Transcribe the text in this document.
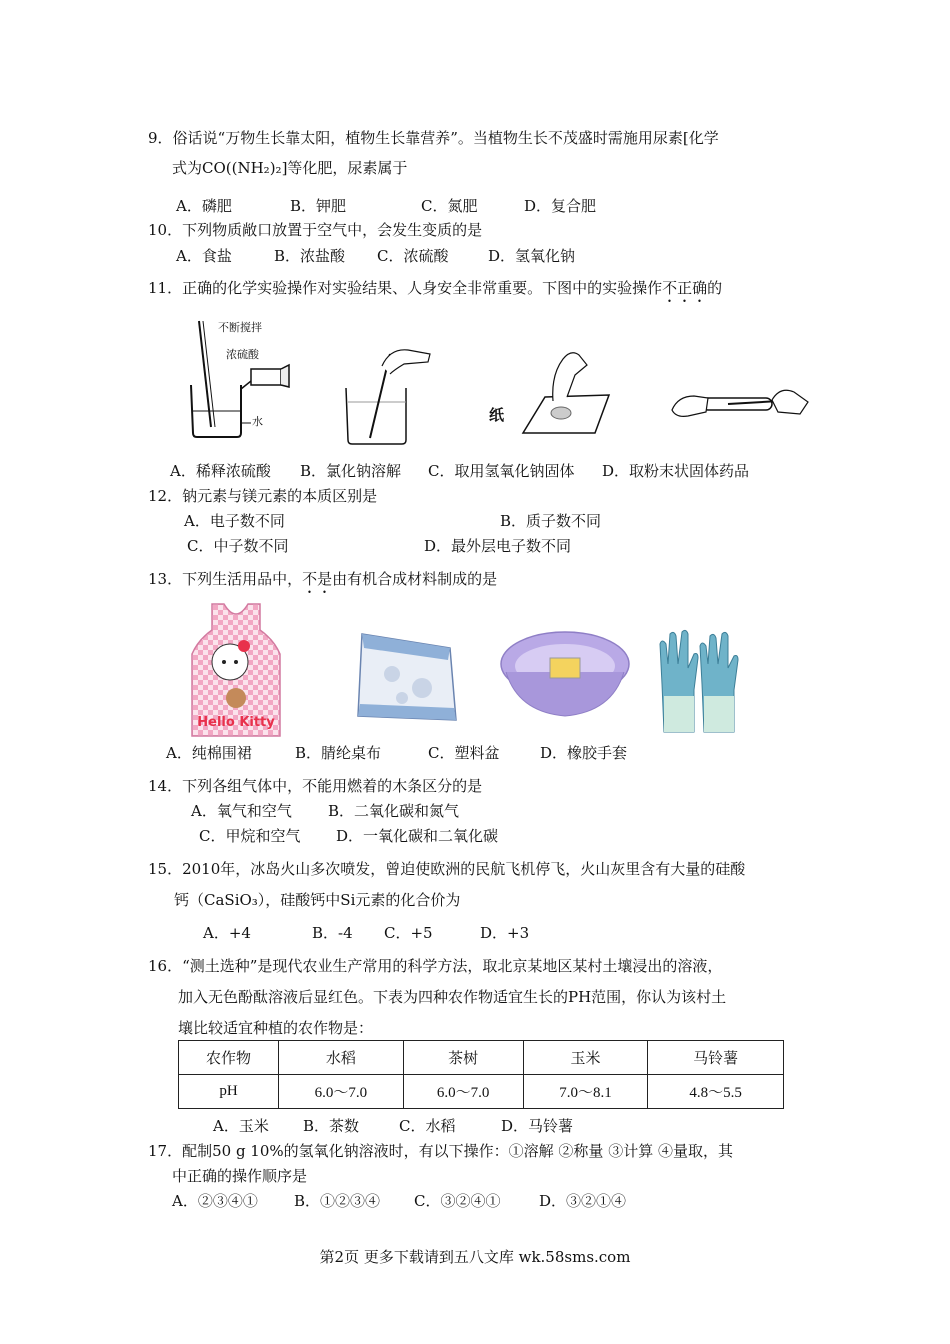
9．俗话说“万物生长靠太阳，植物生长靠营养”。当植物生长不茂盛时需施用尿素[化学
式为CO((NH₂)₂]等化肥，尿素属于
A．磷肥	B．钾肥	C．氮肥	D．复合肥
10．下列物质敞口放置于空气中，会发生变质的是
A．食盐	B．浓盐酸 C．浓硫酸	D．氢氧化钠
11．正确的化学实验操作对实验结果、人身安全非常重要。下图中的实验操作不正确的
不断搅拌
浓硫酸
水	纸
A．稀释浓硫酸 B．氯化钠溶解 C．取用氢氧化钠固体 D．取粉末状固体药品
12．钠元素与镁元素的本质区别是
A．电子数不同	B．质子数不同
C．中子数不同	D．最外层电子数不同
13．下列生活用品中，不是由有机合成材料制成的是
Hello Kitty
A．纯棉围裙	B．腈纶桌布	C．塑料盆	D．橡胶手套
14．下列各组气体中，不能用燃着的木条区分的是
A．氧气和空气 B．二氧化碳和氮气
C．甲烷和空气 D．一氧化碳和二氧化碳
15．2010年，冰岛火山多次喷发，曾迫使欧洲的民航飞机停飞，火山灰里含有大量的硅酸
钙（CaSiO₃），硅酸钙中Si元素的化合价为
A．+4	B．-4 C．+5	D．+3
16．“测土选种”是现代农业生产常用的科学方法，取北京某地区某村土壤浸出的溶液，
加入无色酚酞溶液后显红色。下表为四种农作物适宜生长的PH范围，你认为该村土
壤比较适宜种植的农作物是：
农作物	水稻	茶树	玉米	马铃薯
pH	6.0～7.0	6.0～7.0	7.0～8.1	4.8～5.5
A．玉米 B．茶数	C．水稻	D．马铃薯
17．配制50 g 10%的氢氧化钠溶液时，有以下操作：①溶解 ②称量 ③计算 ④量取，其
中正确的操作顺序是
A．②③④① B．①②③④ C．③②④①	D．③②①④
第2页 更多下载请到五八文库 wk.58sms.com
